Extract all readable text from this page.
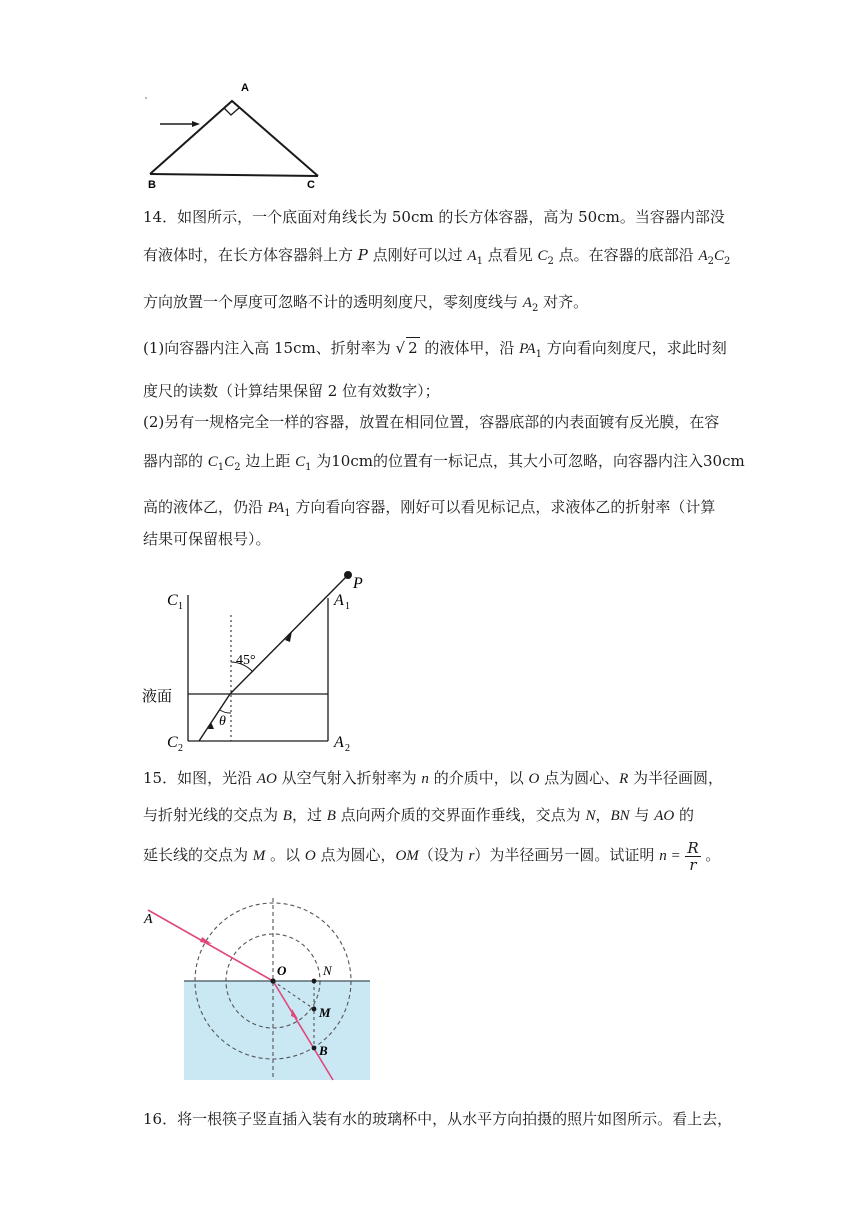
A
B	C
14．如图所示，一个底面对角线长为 50cm 的长方体容器，高为 50cm。当容器内部没
有液体时，在长方体容器斜上方 P 点刚好可以过 $A_1$ 点看见 $C_2$ 点。在容器的底部沿 $A_2C_2$
方向放置一个厚度可忽略不计的透明刻度尺，零刻度线与 $A_2$ 对齐。
(1)向容器内注入高 15cm、折射率为 √ 2 的液体甲，沿 $PA_1$ 方向看向刻度尺，求此时刻
度尺的读数（计算结果保留 2 位有效数字）；
(2)另有一规格完全一样的容器，放置在相同位置，容器底部的内表面镀有反光膜，在容
器内部的 $C_1C_2$ 边上距 $C_1$ 为10cm的位置有一标记点，其大小可忽略，向容器内注入30cm
高的液体乙，仍沿 $PA_1$ 方向看向容器，刚好可以看见标记点，求液体乙的折射率（计算
结果可保留根号）。
P
C 1	A 1
C 2	A 2
45°
θ
液面
15．如图，光沿 AO 从空气射入折射率为 n 的介质中，以 O 点为圆心、R 为半径画圆，
与折射光线的交点为 B，过 B 点向两介质的交界面作垂线，交点为 N，BN 与 AO 的
延长线的交点为 M 。以 O 点为圆心，OM（设为 r）为半径画另一圆。试证明 $n = \frac{R}{r}$ 。
A
O	N
M
B
16．将一根筷子竖直插入装有水的玻璃杯中，从水平方向拍摄的照片如图所示。看上去，
